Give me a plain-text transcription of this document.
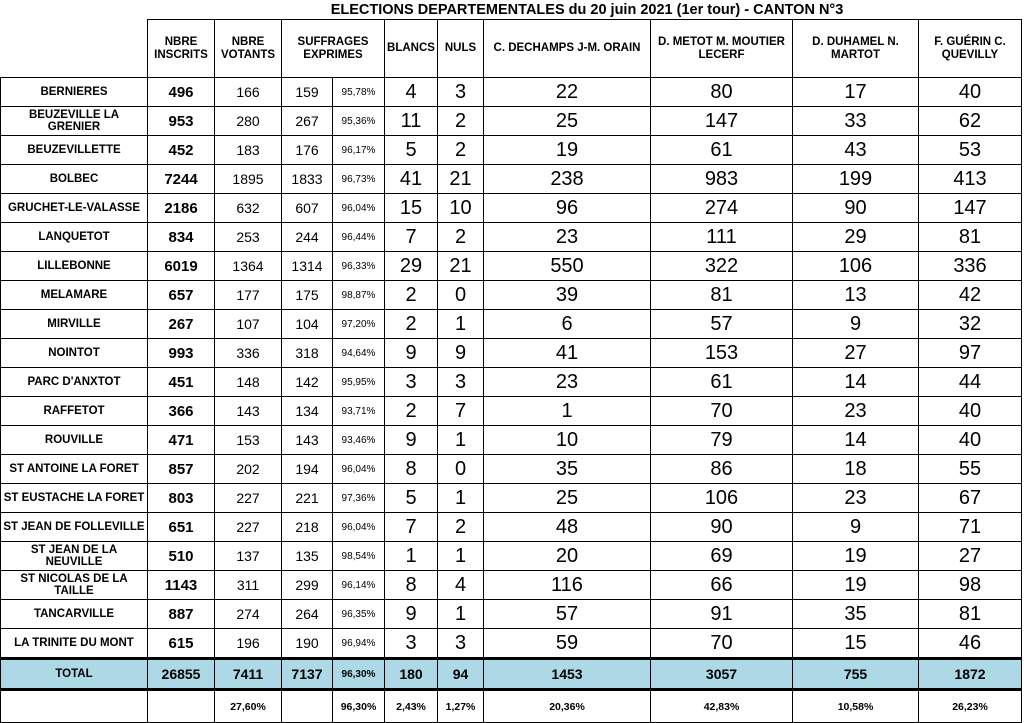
ELECTIONS DEPARTEMENTALES du 20 juin 2021 (1er tour) - CANTON N°3
	NBRE INSCRITS	NBRE VOTANTS	SUFFRAGES EXPRIMES		BLANCS	NULS	C. DECHAMPS J-M. ORAIN	D. METOT M. MOUTIER LECERF	D. DUHAMEL N. MARTOT	F. GUÉRIN C. QUEVILLY
BERNIERES	496	166	159	95,78%	4	3	22	80	17	40
BEUZEVILLE LA GRENIER	953	280	267	95,36%	11	2	25	147	33	62
BEUZEVILLETTE	452	183	176	96,17%	5	2	19	61	43	53
BOLBEC	7244	1895	1833	96,73%	41	21	238	983	199	413
GRUCHET-LE-VALASSE	2186	632	607	96,04%	15	10	96	274	90	147
LANQUETOT	834	253	244	96,44%	7	2	23	111	29	81
LILLEBONNE	6019	1364	1314	96,33%	29	21	550	322	106	336
MELAMARE	657	177	175	98,87%	2	0	39	81	13	42
MIRVILLE	267	107	104	97,20%	2	1	6	57	9	32
NOINTOT	993	336	318	94,64%	9	9	41	153	27	97
PARC D'ANXTOT	451	148	142	95,95%	3	3	23	61	14	44
RAFFETOT	366	143	134	93,71%	2	7	1	70	23	40
ROUVILLE	471	153	143	93,46%	9	1	10	79	14	40
ST ANTOINE LA FORET	857	202	194	96,04%	8	0	35	86	18	55
ST EUSTACHE LA FORET	803	227	221	97,36%	5	1	25	106	23	67
ST JEAN DE FOLLEVILLE	651	227	218	96,04%	7	2	48	90	9	71
ST JEAN DE LA NEUVILLE	510	137	135	98,54%	1	1	20	69	19	27
ST NICOLAS DE LA TAILLE	1143	311	299	96,14%	8	4	116	66	19	98
TANCARVILLE	887	274	264	96,35%	9	1	57	91	35	81
LA TRINITE DU MONT	615	196	190	96,94%	3	3	59	70	15	46
TOTAL	26855	7411	7137	96,30%	180	94	1453	3057	755	1872
		27,60%		96,30%	2,43%	1,27%	20,36%	42,83%	10,58%	26,23%
